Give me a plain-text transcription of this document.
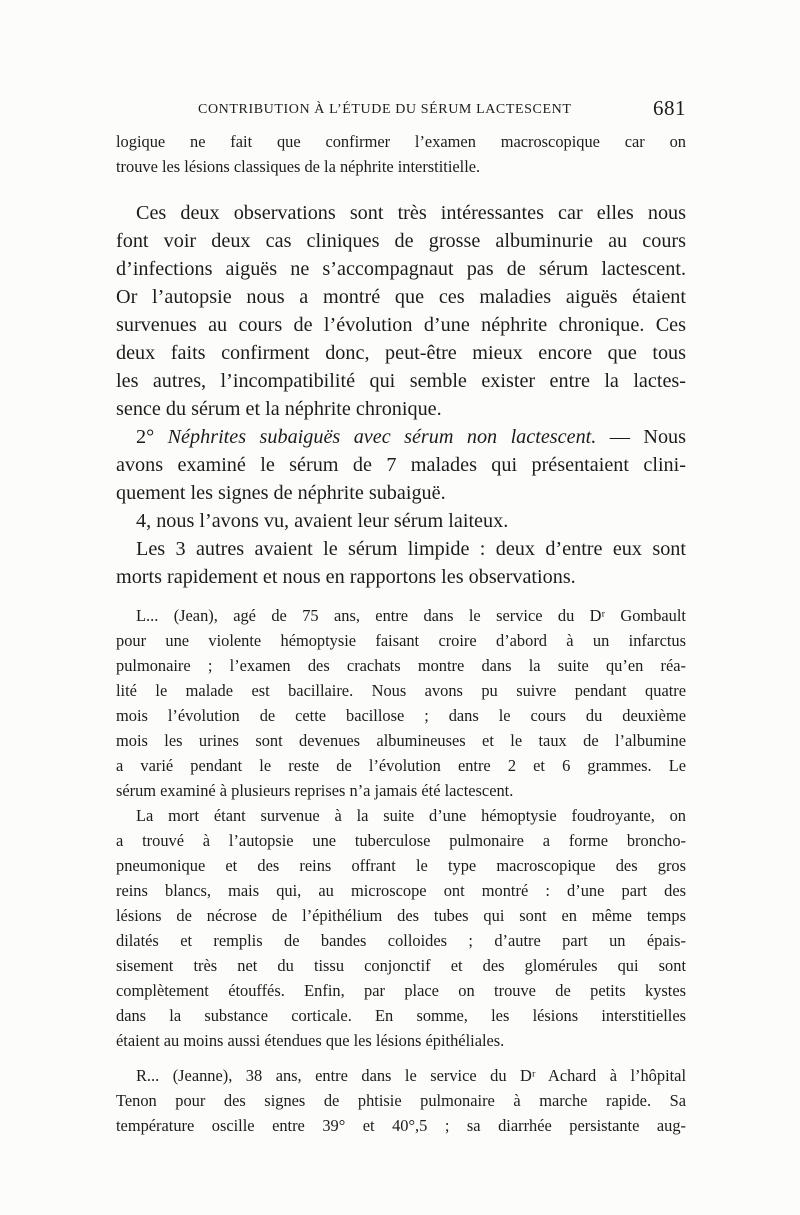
CONTRIBUTION À L’ÉTUDE DU SÉRUM LACTESCENT	681
logique ne fait que confirmer l’examen macroscopique car on
trouve les lésions classiques de la néphrite interstitielle.
Ces deux observations sont très intéressantes car elles nous
font voir deux cas cliniques de grosse albuminurie au cours
d’infections aiguës ne s’accompagnaut pas de sérum lactescent.
Or l’autopsie nous a montré que ces maladies aiguës étaient
survenues au cours de l’évolution d’une néphrite chronique. Ces
deux faits confirment donc, peut-être mieux encore que tous
les autres, l’incompatibilité qui semble exister entre la lactes-
sence du sérum et la néphrite chronique.
2° Néphrites subaiguës avec sérum non lactescent. — Nous
avons examiné le sérum de 7 malades qui présentaient clini-
quement les signes de néphrite subaiguë.
4, nous l’avons vu, avaient leur sérum laiteux.
Les 3 autres avaient le sérum limpide : deux d’entre eux sont
morts rapidement et nous en rapportons les observations.
L... (Jean), agé de 75 ans, entre dans le service du Dʳ Gombault
pour une violente hémoptysie faisant croire d’abord à un infarctus
pulmonaire ; l’examen des crachats montre dans la suite qu’en réa-
lité le malade est bacillaire. Nous avons pu suivre pendant quatre
mois l’évolution de cette bacillose ; dans le cours du deuxième
mois les urines sont devenues albumineuses et le taux de l’albumine
a varié pendant le reste de l’évolution entre 2 et 6 grammes. Le
sérum examiné à plusieurs reprises n’a jamais été lactescent.
La mort étant survenue à la suite d’une hémoptysie foudroyante, on
a trouvé à l’autopsie une tuberculose pulmonaire a forme broncho-
pneumonique et des reins offrant le type macroscopique des gros
reins blancs, mais qui, au microscope ont montré : d’une part des
lésions de nécrose de l’épithélium des tubes qui sont en même temps
dilatés et remplis de bandes colloides ; d’autre part un épais-
sisement très net du tissu conjonctif et des glomérules qui sont
complètement étouffés. Enfin, par place on trouve de petits kystes
dans la substance corticale. En somme, les lésions interstitielles
étaient au moins aussi étendues que les lésions épithéliales.
R... (Jeanne), 38 ans, entre dans le service du Dʳ Achard à l’hôpital
Tenon pour des signes de phtisie pulmonaire à marche rapide. Sa
température oscille entre 39° et 40°,5 ; sa diarrhée persistante aug-
